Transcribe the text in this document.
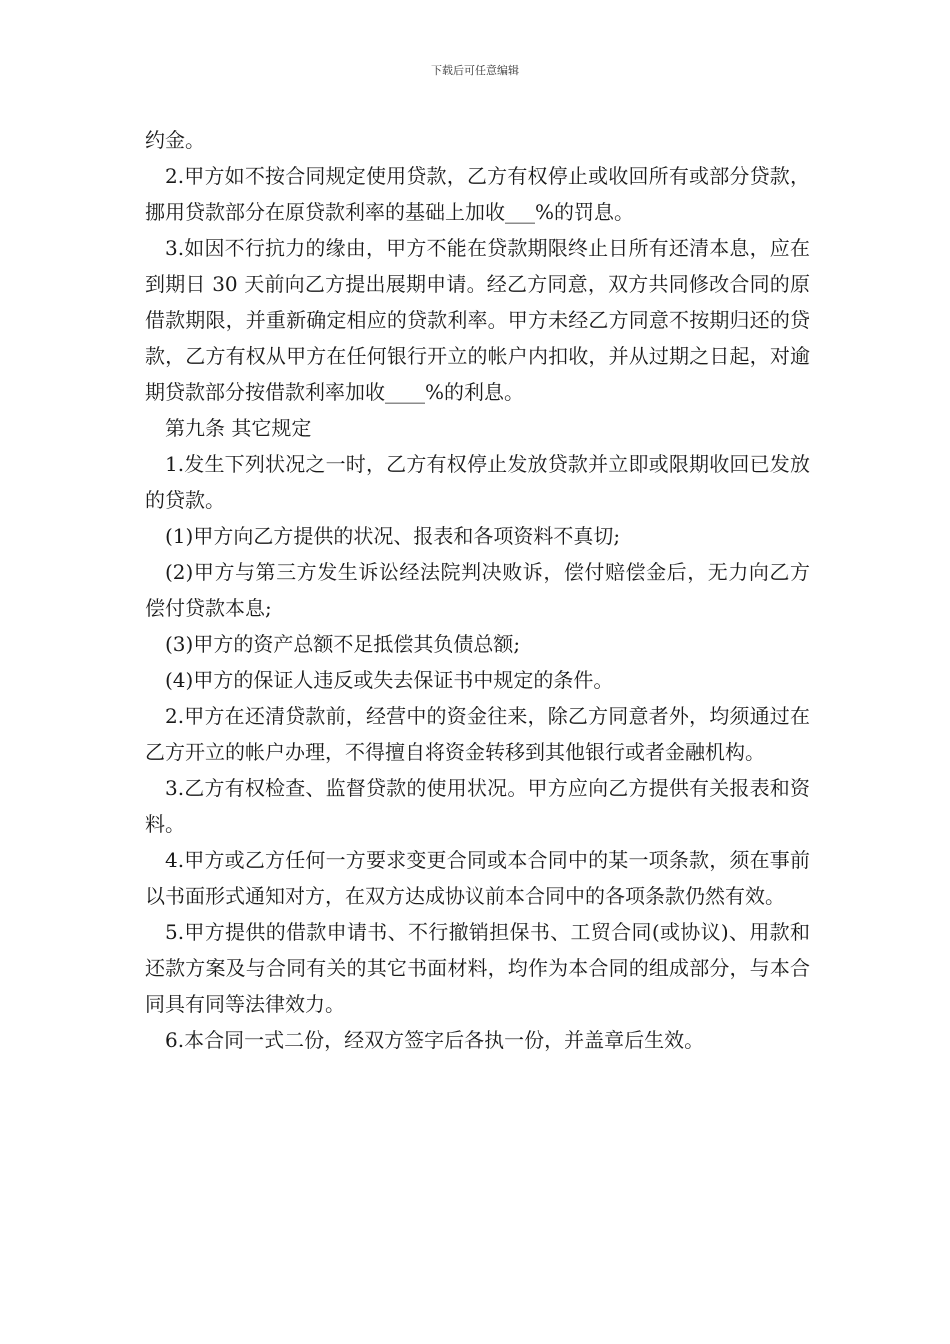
下载后可任意编辑

约金。

2.甲方如不按合同规定使用贷款，乙方有权停止或收回所有或部分贷款，挪用贷款部分在原贷款利率的基础上加收___%的罚息。

3.如因不行抗力的缘由，甲方不能在贷款期限终止日所有还清本息，应在到期日 30 天前向乙方提出展期申请。经乙方同意，双方共同修改合同的原借款期限，并重新确定相应的贷款利率。甲方未经乙方同意不按期归还的贷款，乙方有权从甲方在任何银行开立的帐户内扣收，并从过期之日起，对逾期贷款部分按借款利率加收____%的利息。

第九条 其它规定

1.发生下列状况之一时，乙方有权停止发放贷款并立即或限期收回已发放的贷款。

(1)甲方向乙方提供的状况、报表和各项资料不真切;

(2)甲方与第三方发生诉讼经法院判决败诉，偿付赔偿金后，无力向乙方偿付贷款本息;

(3)甲方的资产总额不足抵偿其负债总额;

(4)甲方的保证人违反或失去保证书中规定的条件。

2.甲方在还清贷款前，经营中的资金往来，除乙方同意者外，均须通过在乙方开立的帐户办理，不得擅自将资金转移到其他银行或者金融机构。

3.乙方有权检查、监督贷款的使用状况。甲方应向乙方提供有关报表和资料。

4.甲方或乙方任何一方要求变更合同或本合同中的某一项条款，须在事前以书面形式通知对方，在双方达成协议前本合同中的各项条款仍然有效。

5.甲方提供的借款申请书、不行撤销担保书、工贸合同(或协议)、用款和还款方案及与合同有关的其它书面材料，均作为本合同的组成部分，与本合同具有同等法律效力。

6.本合同一式二份，经双方签字后各执一份，并盖章后生效。
